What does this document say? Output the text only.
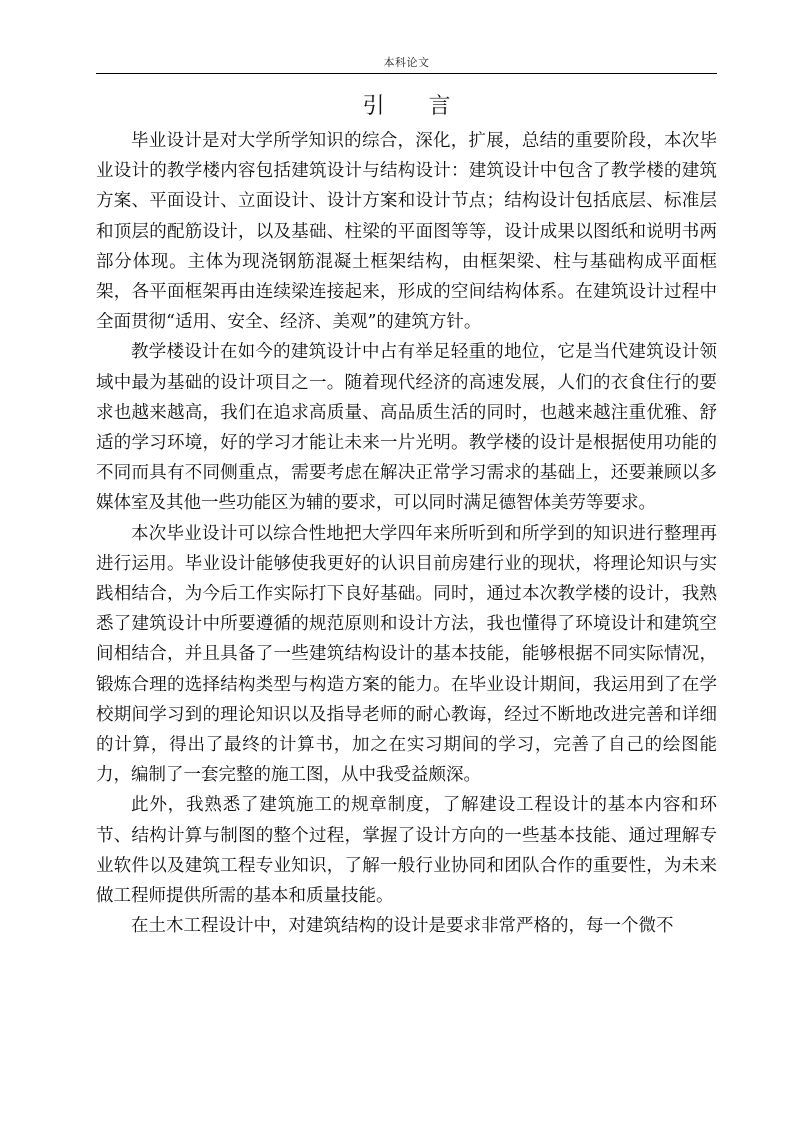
本科论文
引　　言

毕业设计是对大学所学知识的综合，深化，扩展，总结的重要阶段，本次毕业设计的教学楼内容包括建筑设计与结构设计：建筑设计中包含了教学楼的建筑方案、平面设计、立面设计、设计方案和设计节点；结构设计包括底层、标准层和顶层的配筋设计，以及基础、柱梁的平面图等等，设计成果以图纸和说明书两部分体现。主体为现浇钢筋混凝土框架结构，由框架梁、柱与基础构成平面框架，各平面框架再由连续梁连接起来，形成的空间结构体系。在建筑设计过程中全面贯彻“适用、安全、经济、美观”的建筑方针。

教学楼设计在如今的建筑设计中占有举足轻重的地位，它是当代建筑设计领域中最为基础的设计项目之一。随着现代经济的高速发展，人们的衣食住行的要求也越来越高，我们在追求高质量、高品质生活的同时，也越来越注重优雅、舒适的学习环境，好的学习才能让未来一片光明。教学楼的设计是根据使用功能的不同而具有不同侧重点，需要考虑在解决正常学习需求的基础上，还要兼顾以多媒体室及其他一些功能区为辅的要求，可以同时满足德智体美劳等要求。

本次毕业设计可以综合性地把大学四年来所听到和所学到的知识进行整理再进行运用。毕业设计能够使我更好的认识目前房建行业的现状，将理论知识与实践相结合，为今后工作实际打下良好基础。同时，通过本次教学楼的设计，我熟悉了建筑设计中所要遵循的规范原则和设计方法，我也懂得了环境设计和建筑空间相结合，并且具备了一些建筑结构设计的基本技能，能够根据不同实际情况，锻炼合理的选择结构类型与构造方案的能力。在毕业设计期间，我运用到了在学校期间学习到的理论知识以及指导老师的耐心教诲，经过不断地改进完善和详细的计算，得出了最终的计算书，加之在实习期间的学习，完善了自己的绘图能力，编制了一套完整的施工图，从中我受益颇深。

此外，我熟悉了建筑施工的规章制度，了解建设工程设计的基本内容和环节、结构计算与制图的整个过程，掌握了设计方向的一些基本技能、通过理解专业软件以及建筑工程专业知识，了解一般行业协同和团队合作的重要性，为未来做工程师提供所需的基本和质量技能。

在土木工程设计中，对建筑结构的设计是要求非常严格的，每一个微不
